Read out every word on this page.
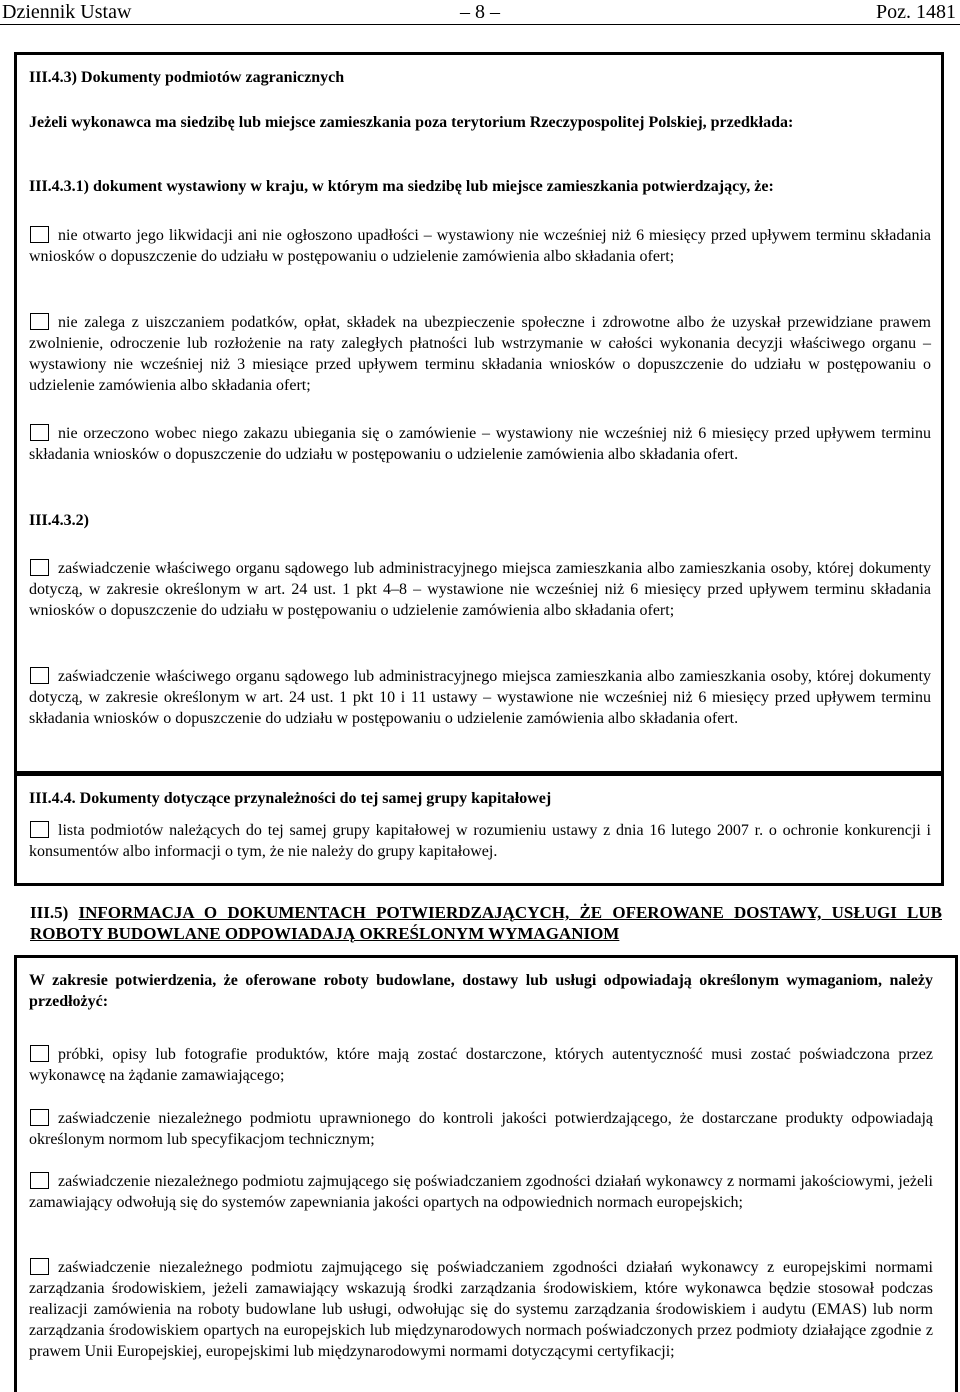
Dziennik Ustaw	– 8 –	Poz. 1481

III.4.3) Dokumenty podmiotów zagranicznych

Jeżeli wykonawca ma siedzibę lub miejsce zamieszkania poza terytorium Rzeczypospolitej Polskiej, przedkłada:

III.4.3.1) dokument wystawiony w kraju, w którym ma siedzibę lub miejsce zamieszkania potwierdzający, że:

nie otwarto jego likwidacji ani nie ogłoszono upadłości – wystawiony nie wcześniej niż 6 miesięcy przed upływem terminu składania wniosków o dopuszczenie do udziału w postępowaniu o udzielenie zamówienia albo składania ofert;

nie zalega z uiszczaniem podatków, opłat, składek na ubezpieczenie społeczne i zdrowotne albo że uzyskał przewidziane prawem zwolnienie, odroczenie lub rozłożenie na raty zaległych płatności lub wstrzymanie w całości wykonania decyzji właściwego organu – wystawiony nie wcześniej niż 3 miesiące przed upływem terminu składania wniosków o dopuszczenie do udziału w postępowaniu o udzielenie zamówienia albo składania ofert;

nie orzeczono wobec niego zakazu ubiegania się o zamówienie – wystawiony nie wcześniej niż 6 miesięcy przed upływem terminu składania wniosków o dopuszczenie do udziału w postępowaniu o udzielenie zamówienia albo składania ofert.

III.4.3.2)

zaświadczenie właściwego organu sądowego lub administracyjnego miejsca zamieszkania albo zamieszkania osoby, której dokumenty dotyczą, w zakresie określonym w art. 24 ust. 1 pkt 4–8 – wystawione nie wcześniej niż 6 miesięcy przed upływem terminu składania wniosków o dopuszczenie do udziału w postępowaniu o udzielenie zamówienia albo składania ofert;

zaświadczenie właściwego organu sądowego lub administracyjnego miejsca zamieszkania albo zamieszkania osoby, której dokumenty dotyczą, w zakresie określonym w art. 24 ust. 1 pkt 10 i 11 ustawy – wystawione nie wcześniej niż 6 miesięcy przed upływem terminu składania wniosków o dopuszczenie do udziału w postępowaniu o udzielenie zamówienia albo składania ofert.

III.4.4. Dokumenty dotyczące przynależności do tej samej grupy kapitałowej

lista podmiotów należących do tej samej grupy kapitałowej w rozumieniu ustawy z dnia 16 lutego 2007 r. o ochronie konkurencji i konsumentów albo informacji o tym, że nie należy do grupy kapitałowej.

III.5) INFORMACJA O DOKUMENTACH POTWIERDZAJĄCYCH, ŻE OFEROWANE DOSTAWY, USŁUGI LUB ROBOTY BUDOWLANE ODPOWIADAJĄ OKREŚLONYM WYMAGANIOM

W zakresie potwierdzenia, że oferowane roboty budowlane, dostawy lub usługi odpowiadają określonym wymaganiom, należy przedłożyć:

próbki, opisy lub fotografie produktów, które mają zostać dostarczone, których autentyczność musi zostać poświadczona przez wykonawcę na żądanie zamawiającego;

zaświadczenie niezależnego podmiotu uprawnionego do kontroli jakości potwierdzającego, że dostarczane produkty odpowiadają określonym normom lub specyfikacjom technicznym;

zaświadczenie niezależnego podmiotu zajmującego się poświadczaniem zgodności działań wykonawcy z normami jakościowymi, jeżeli zamawiający odwołują się do systemów zapewniania jakości opartych na odpowiednich normach europejskich;

zaświadczenie niezależnego podmiotu zajmującego się poświadczaniem zgodności działań wykonawcy z europejskimi normami zarządzania środowiskiem, jeżeli zamawiający wskazują środki zarządzania środowiskiem, które wykonawca będzie stosował podczas realizacji zamówienia na roboty budowlane lub usługi, odwołując się do systemu zarządzania środowiskiem i audytu (EMAS) lub norm zarządzania środowiskiem opartych na europejskich lub międzynarodowych normach poświadczonych przez podmioty działające zgodnie z prawem Unii Europejskiej, europejskimi lub międzynarodowymi normami dotyczącymi certyfikacji;
